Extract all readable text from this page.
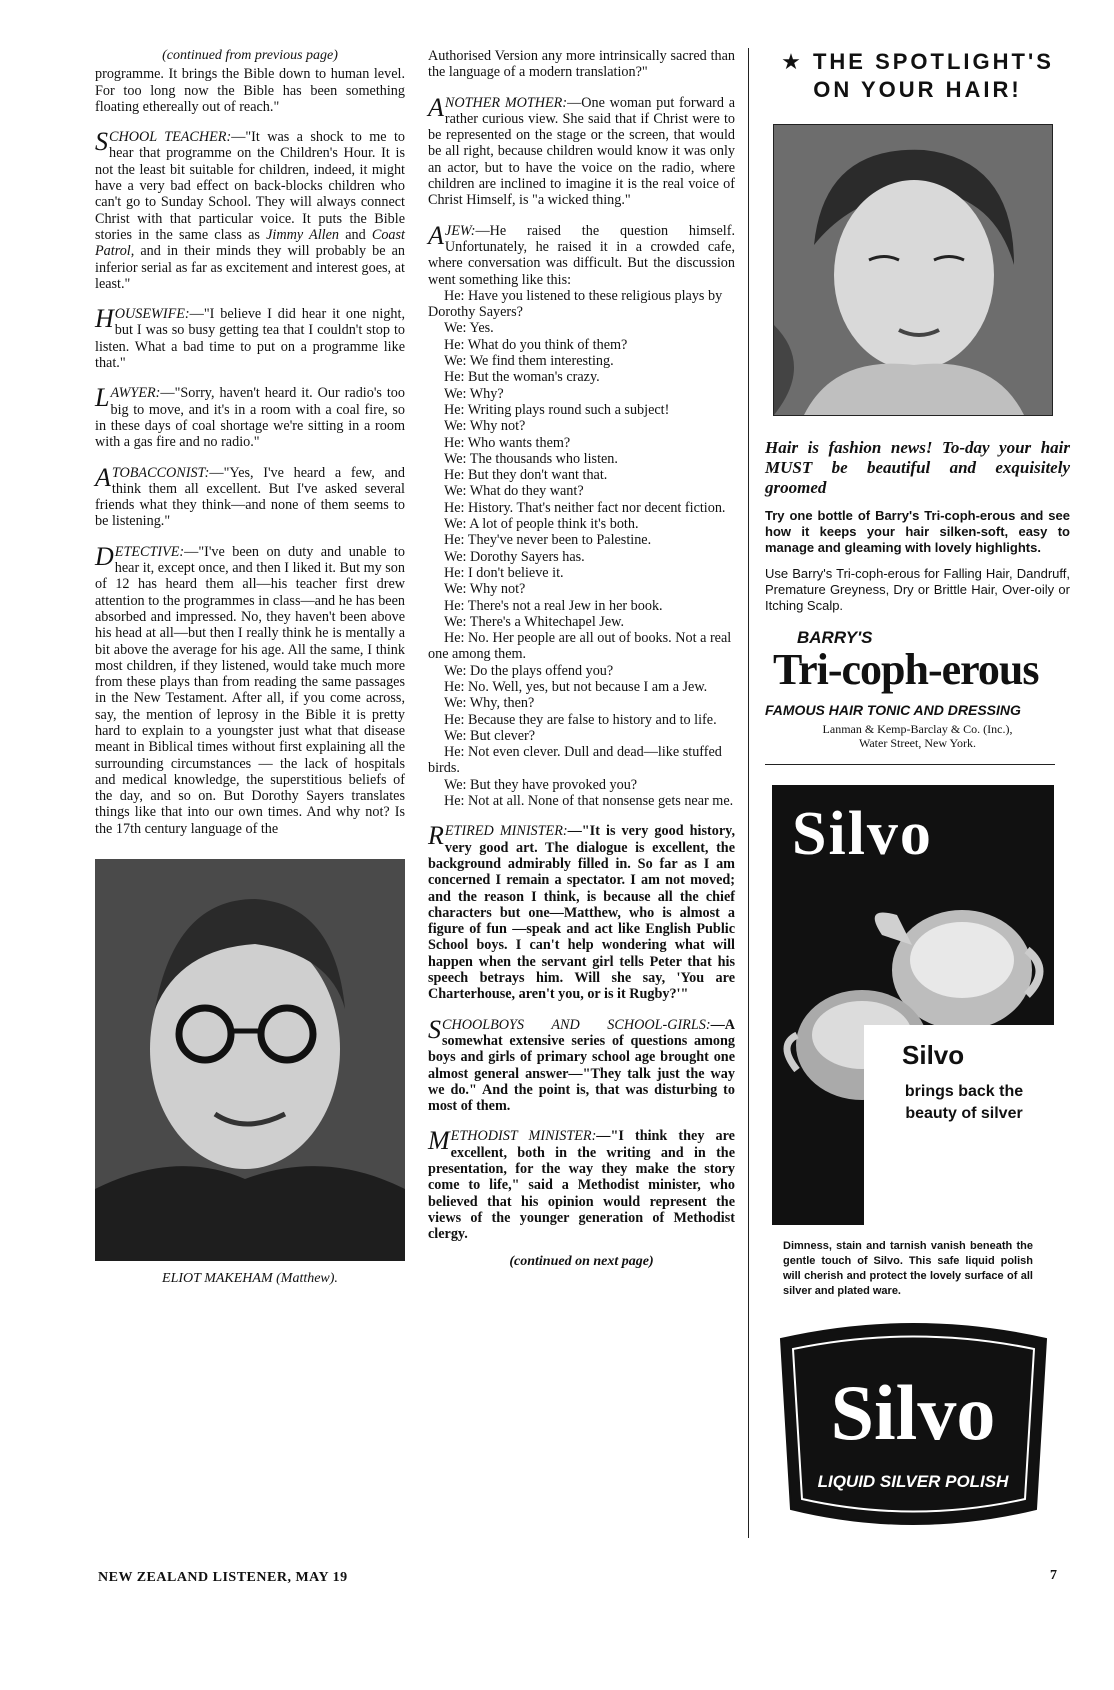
(continued from previous page)

programme. It brings the Bible down to human level. For too long now the Bible has been something floating ethereally out of reach."

SCHOOL TEACHER:—"It was a shock to me to hear that programme on the Children's Hour. It is not the least bit suitable for children, indeed, it might have a very bad effect on back-blocks children who can't go to Sunday School. They will always connect Christ with that particular voice. It puts the Bible stories in the same class as Jimmy Allen and Coast Patrol, and in their minds they will probably be an inferior serial as far as excitement and interest goes, at least."

HOUSEWIFE:—"I believe I did hear it one night, but I was so busy getting tea that I couldn't stop to listen. What a bad time to put on a programme like that."

LAWYER:—"Sorry, haven't heard it. Our radio's too big to move, and it's in a room with a coal fire, so in these days of coal shortage we're sitting in a room with a gas fire and no radio."

A TOBACCONIST:—"Yes, I've heard a few, and think them all excellent. But I've asked several friends what they think—and none of them seems to be listening."

DETECTIVE:—"I've been on duty and unable to hear it, except once, and then I liked it. But my son of 12 has heard them all—his teacher first drew attention to the programmes in class—and he has been absorbed and impressed. No, they haven't been above his head at all—but then I really think he is mentally a bit above the average for his age. All the same, I think most children, if they listened, would take much more from these plays than from reading the same passages in the New Testament. After all, if you come across, say, the mention of leprosy in the Bible it is pretty hard to explain to a youngster just what that disease meant in Biblical times without first explaining all the surrounding circumstances — the lack of hospitals and medical knowledge, the superstitious beliefs of the day, and so on. But Dorothy Sayers translates things like that into our own times. And why not? Is the 17th century language of the

ELIOT MAKEHAM (Matthew).

Authorised Version any more intrinsically sacred than the language of a modern translation?"

ANOTHER MOTHER:—One woman put forward a rather curious view. She said that if Christ were to be represented on the stage or the screen, that would be all right, because children would know it was only an actor, but to have the voice on the radio, where children are inclined to imagine it is the real voice of Christ Himself, is "a wicked thing."

A JEW:—He raised the question himself. Unfortunately, he raised it in a crowded cafe, where conversation was difficult. But the discussion went something like this:

He: Have you listened to these religious plays by Dorothy Sayers?
We: Yes.
He: What do you think of them?
We: We find them interesting.
He: But the woman's crazy.
We: Why?
He: Writing plays round such a subject!
We: Why not?
He: Who wants them?
We: The thousands who listen.
He: But they don't want that.
We: What do they want?
He: History. That's neither fact nor decent fiction.
We: A lot of people think it's both.
He: They've never been to Palestine.
We: Dorothy Sayers has.
He: I don't believe it.
We: Why not?
He: There's not a real Jew in her book.
We: There's a Whitechapel Jew.
He: No. Her people are all out of books. Not a real one among them.
We: Do the plays offend you?
He: No. Well, yes, but not because I am a Jew.
We: Why, then?
He: Because they are false to history and to life.
We: But clever?
He: Not even clever. Dull and dead—like stuffed birds.
We: But they have provoked you?
He: Not at all. None of that nonsense gets near me.

RETIRED MINISTER:—"It is very good history, very good art. The dialogue is excellent, the background admirably filled in. So far as I am concerned I remain a spectator. I am not moved; and the reason I think, is because all the chief characters but one—Matthew, who is almost a figure of fun —speak and act like English Public School boys. I can't help wondering what will happen when the servant girl tells Peter that his speech betrays him. Will she say, 'You are Charterhouse, aren't you, or is it Rugby?'"

SCHOOLBOYS AND SCHOOL-GIRLS:—A somewhat extensive series of questions among boys and girls of primary school age brought one almost general answer—"They talk just the way we do." And the point is, that was disturbing to most of them.

METHODIST MINISTER:—"I think they are excellent, both in the writing and in the presentation, for the way they make the story come to life," said a Methodist minister, who believed that his opinion would represent the views of the younger generation of Methodist clergy.

(continued on next page)

★ THE SPOTLIGHT'S
ON YOUR HAIR!

Hair is fashion news! To-day your hair MUST be beautiful and exquisitely groomed

Try one bottle of Barry's Tri-coph-erous and see how it keeps your hair silken-soft, easy to manage and gleaming with lovely highlights.

Use Barry's Tri-coph-erous for Falling Hair, Dandruff, Premature Greyness, Dry or Brittle Hair, Over-oily or Itching Scalp.

BARRY'S
Tri-coph-erous
FAMOUS HAIR TONIC AND DRESSING
Lanman & Kemp-Barclay & Co. (Inc.),
Water Street, New York.
Silvo
Silvo
brings back the
beauty of silver

Dimness, stain and tarnish vanish beneath the gentle touch of Silvo. This safe liquid polish will cherish and protect the lovely surface of all silver and plated ware.

Silvo
LIQUID SILVER POLISH
NEW ZEALAND LISTENER, MAY 19	7
